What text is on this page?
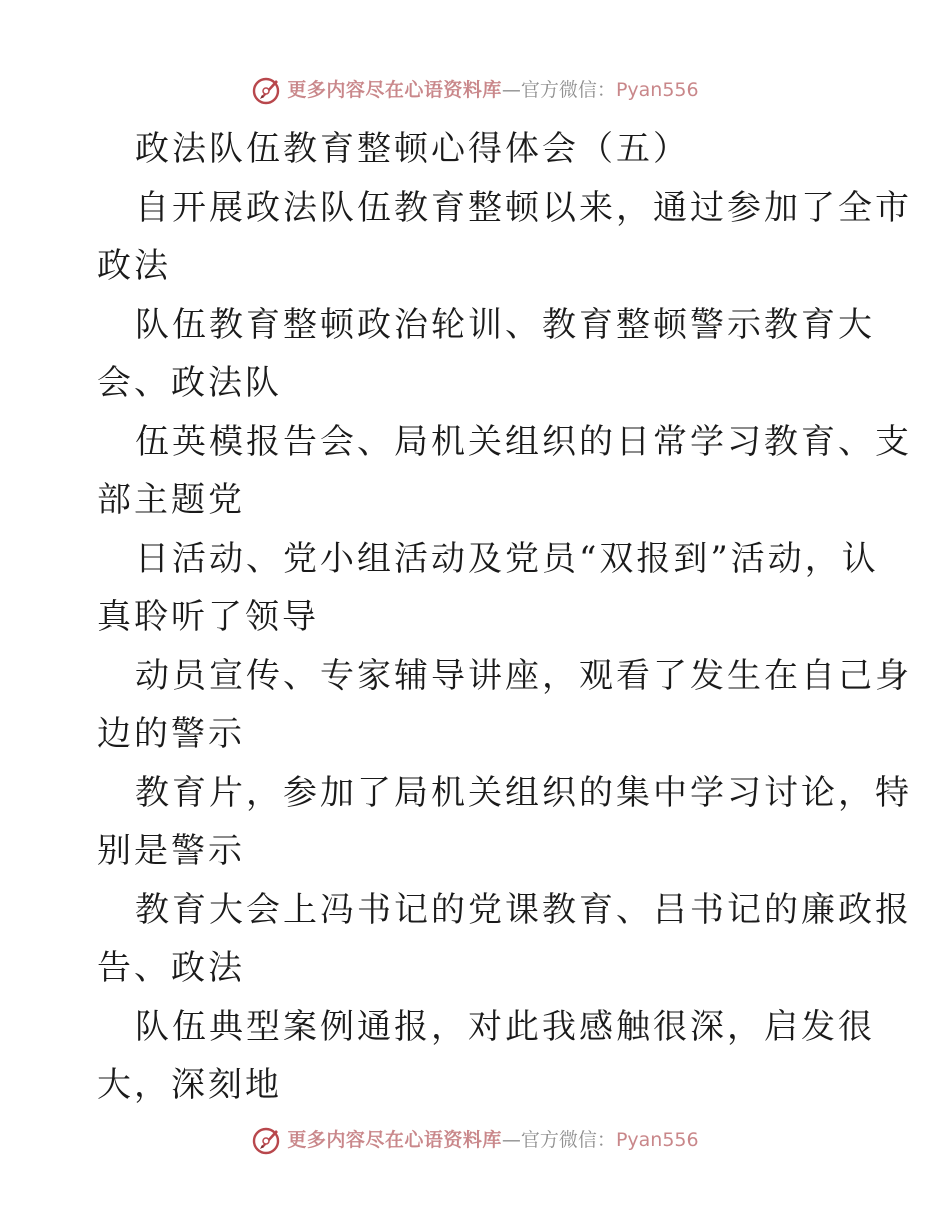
更多内容尽在心语资料库—官方微信：Pyan556
政法队伍教育整顿心得体会（五）
自开展政法队伍教育整顿以来，通过参加了全市
政法
队伍教育整顿政治轮训、教育整顿警示教育大
会、政法队
伍英模报告会、局机关组织的日常学习教育、支
部主题党
日活动、党小组活动及党员“双报到”活动，认
真聆听了领导
动员宣传、专家辅导讲座，观看了发生在自己身
边的警示
教育片，参加了局机关组织的集中学习讨论，特
别是警示
教育大会上冯书记的党课教育、吕书记的廉政报
告、政法
队伍典型案例通报，对此我感触很深，启发很
大，深刻地
更多内容尽在心语资料库—官方微信：Pyan556
